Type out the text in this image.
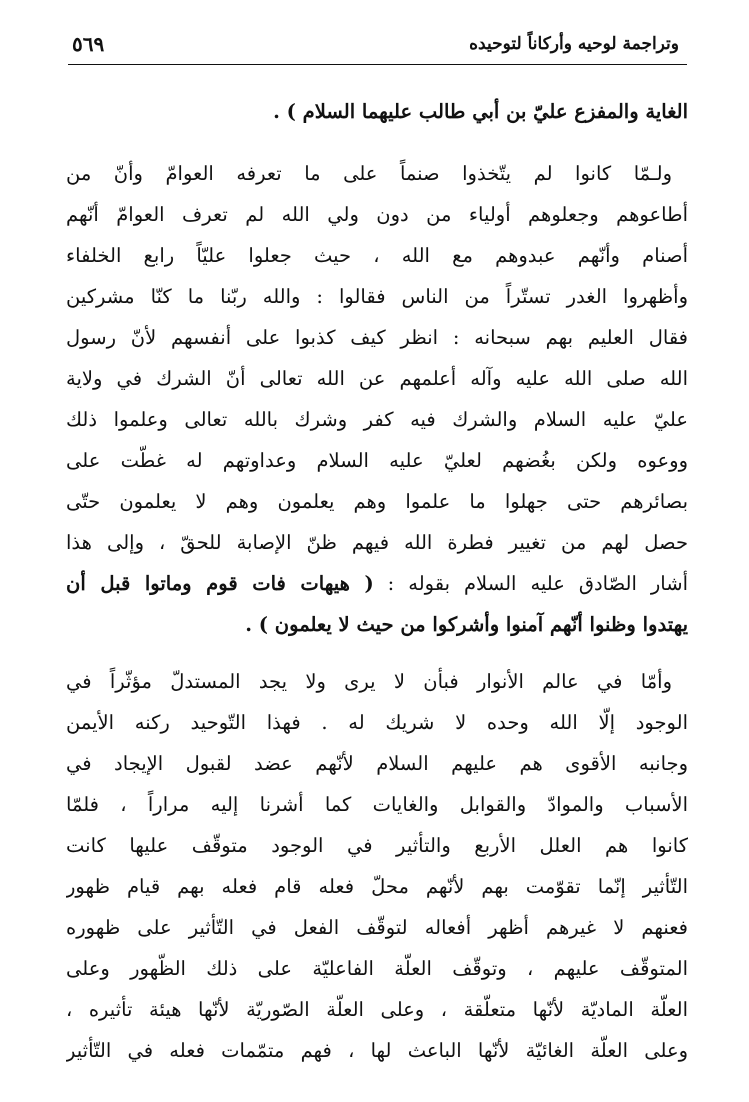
وتراجمة لوحيه وأركاناً لتوحيده
٥٦٩
الغاية والمفزع عليّ بن أبي طالب عليهما السلام ) .
ولـمّا كانوا لم يتّخذوا صنماً على ما تعرفه العوامّ وأنّ من
أطاعوهم وجعلوهم أولياء من دون ولي الله لم تعرف العوامّ أنّهم
أصنام وأنّهم عبدوهم مع الله ، حيث جعلوا عليّاً رابع الخلفاء
وأظهروا الغدر تستّراً من الناس فقالوا : والله ربّنا ما كنّا مشركين
فقال العليم بهم سبحانه : انظر كيف كذبوا على أنفسهم لأنّ رسول
الله صلى الله عليه وآله أعلمهم عن الله تعالى أنّ الشرك في ولاية
عليّ عليه السلام والشرك فيه كفر وشرك بالله تعالى وعلموا ذلك
ووعوه ولكن بغُضهم لعليّ عليه السلام وعداوتهم له غطّت على
بصائرهم حتى جهلوا ما علموا وهم يعلمون وهم لا يعلمون حتّى
حصل لهم من تغيير فطرة الله فيهم ظنّ الإصابة للحقّ ، وإلى هذا
أشار الصّادق عليه السلام بقوله : ( هيهات فات قوم وماتوا قبل أن
يهتدوا وظنوا أنّهم آمنوا وأشركوا من حيث لا يعلمون ) .
وأمّا في عالم الأنوار فبأن لا يرى ولا يجد المستدلّ مؤثّراً في
الوجود إلّا الله وحده لا شريك له . فهذا التّوحيد ركنه الأيمن
وجانبه الأقوى هم عليهم السلام لأنّهم عضد لقبول الإيجاد في
الأسباب والموادّ والقوابل والغايات كما أشرنا إليه مراراً ، فلمّا
كانوا هم العلل الأربع والتأثير في الوجود متوقّف عليها كانت
التّأثير إنّما تقوّمت بهم لأنّهم محلّ فعله قام فعله بهم قيام ظهور
فعنهم لا غيرهم أظهر أفعاله لتوقّف الفعل في التّأثير على ظهوره
المتوقّف عليهم ، وتوقّف العلّة الفاعليّة على ذلك الظّهور وعلى
العلّة الماديّة لأنّها متعلّقة ، وعلى العلّة الصّوريّة لأنّها هيئة تأثيره ،
وعلى العلّة الغائيّة لأنّها الباعث لها ، فهم متمّمات فعله في التّأثير
